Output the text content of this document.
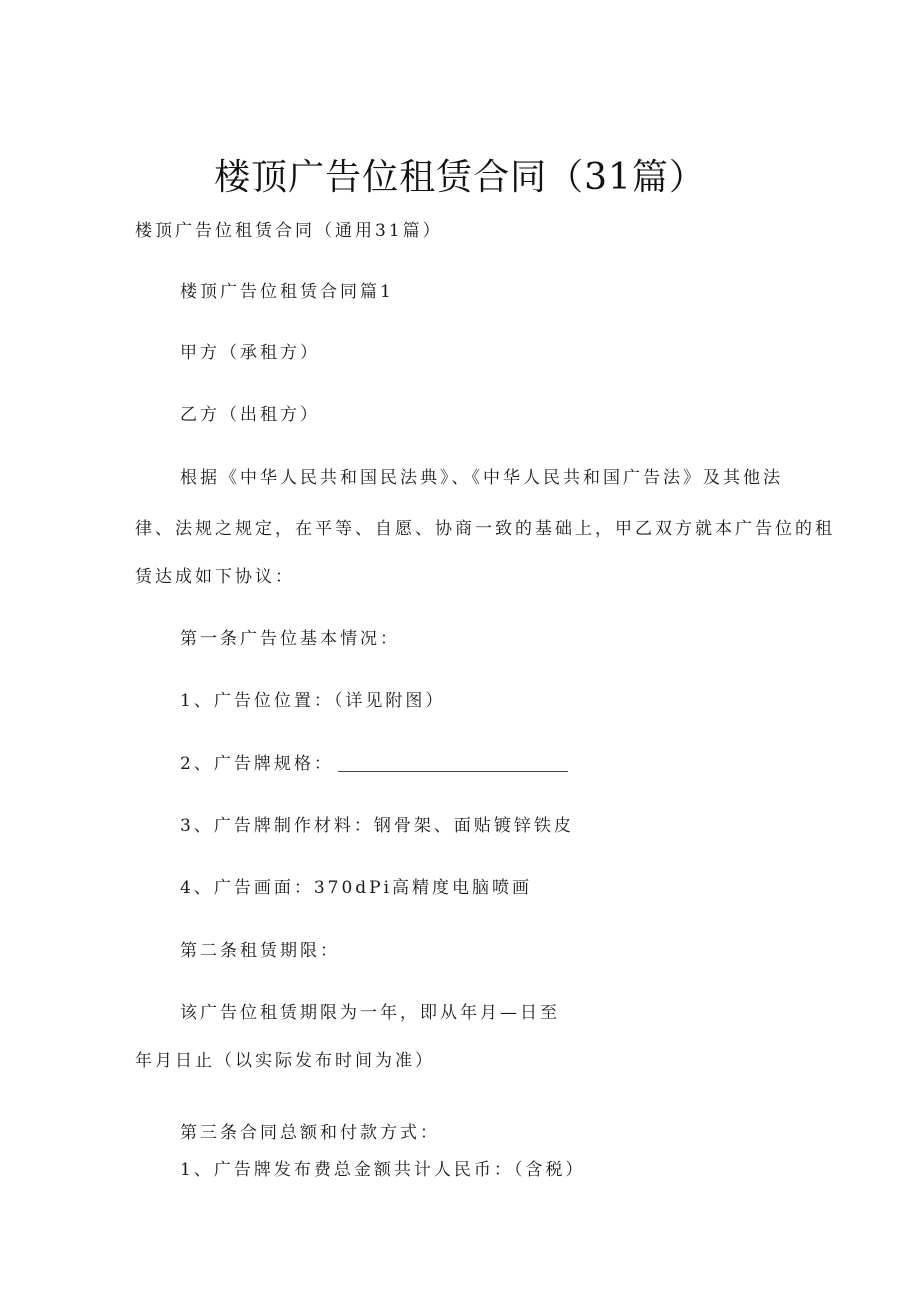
楼顶广告位租赁合同（31篇）
楼顶广告位租赁合同（通用31篇）
楼顶广告位租赁合同篇1
甲方（承租方）
乙方（出租方）
根据《中华人民共和国民法典》、《中华人民共和国广告法》及其他法
律、法规之规定，在平等、自愿、协商一致的基础上，甲乙双方就本广告位的租
赁达成如下协议：
第一条广告位基本情况：
1、广告位位置：（详见附图）
2、广告牌规格：
3、广告牌制作材料：钢骨架、面贴镀锌铁皮
4、广告画面：370dPi高精度电脑喷画
第二条租赁期限：
该广告位租赁期限为一年，即从年月—日至
年月日止（以实际发布时间为准）
第三条合同总额和付款方式：
1、广告牌发布费总金额共计人民币：（含税）
